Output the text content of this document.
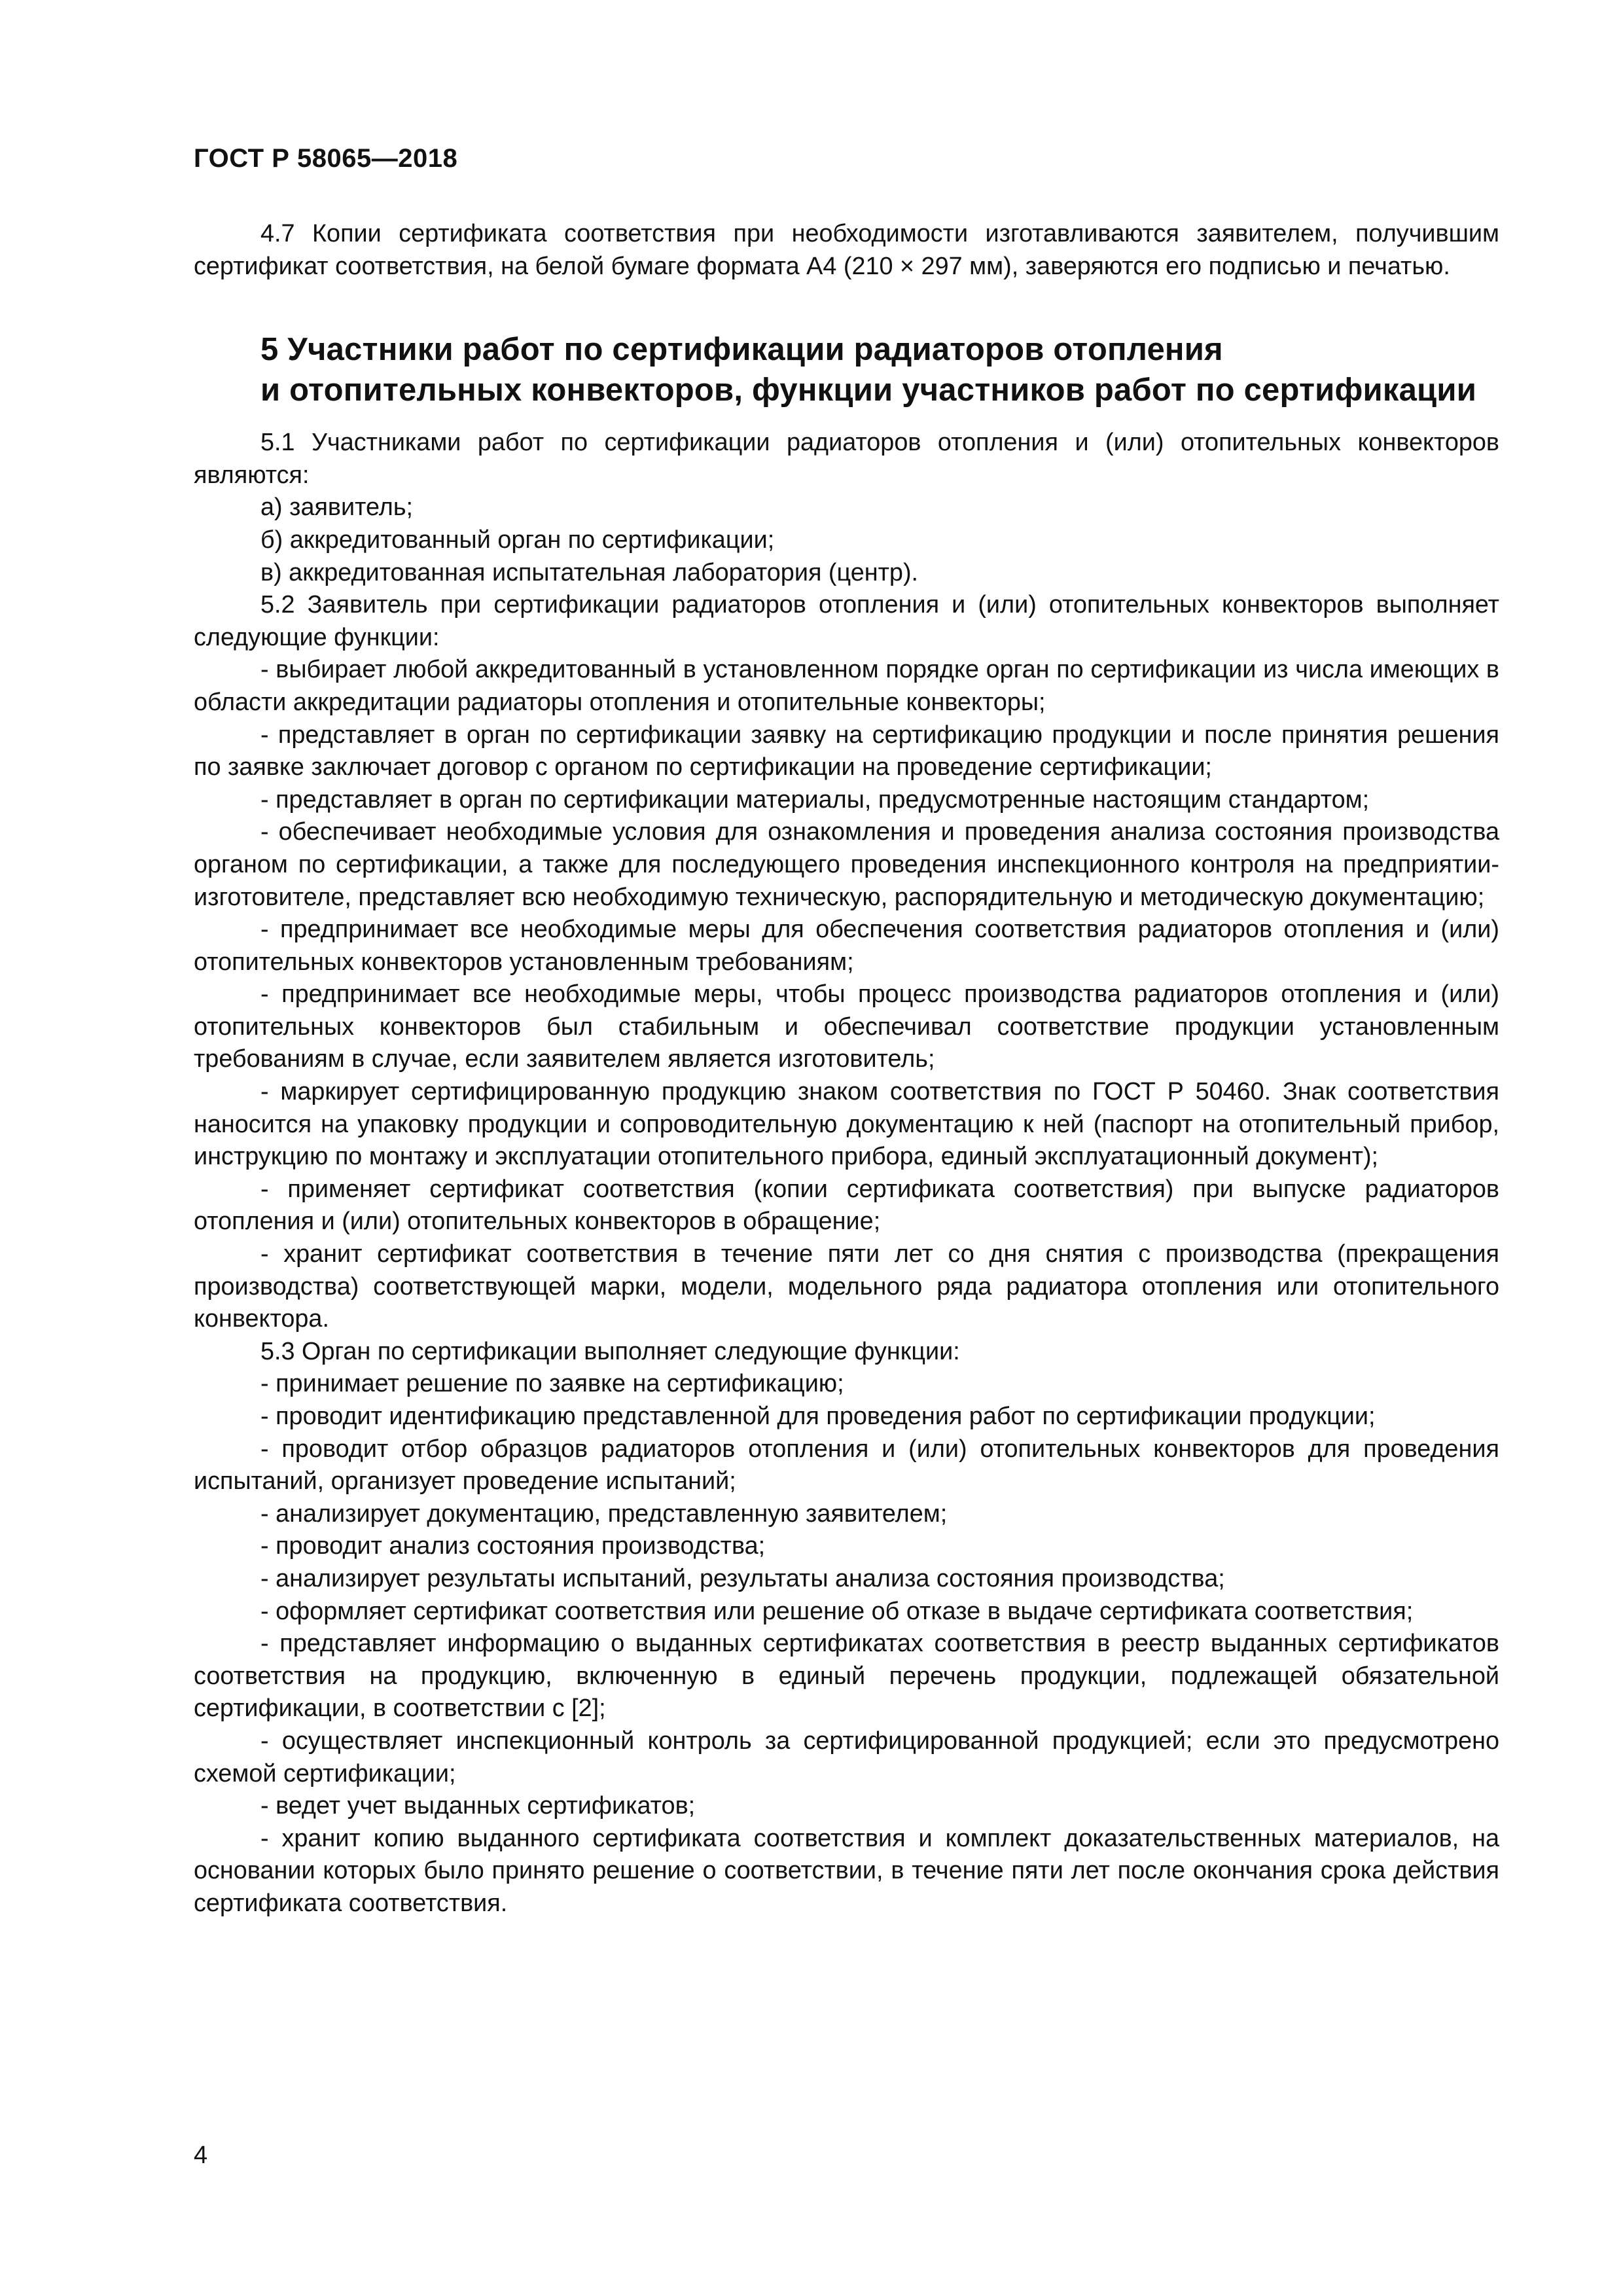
ГОСТ Р 58065—2018

4.7 Копии сертификата соответствия при необходимости изготавливаются заявителем, получившим сертификат соответствия, на белой бумаге формата А4 (210 × 297 мм), заверяются его подписью и печатью.

5 Участники работ по сертификации радиаторов отопления
и отопительных конвекторов, функции участников работ по сертификации

5.1 Участниками работ по сертификации радиаторов отопления и (или) отопительных конвекторов являются:

а) заявитель;

б) аккредитованный орган по сертификации;

в) аккредитованная испытательная лаборатория (центр).

5.2 Заявитель при сертификации радиаторов отопления и (или) отопительных конвекторов выполняет следующие функции:

- выбирает любой аккредитованный в установленном порядке орган по сертификации из числа имеющих в области аккредитации радиаторы отопления и отопительные конвекторы;

- представляет в орган по сертификации заявку на сертификацию продукции и после принятия решения по заявке заключает договор с органом по сертификации на проведение сертификации;

- представляет в орган по сертификации материалы, предусмотренные настоящим стандартом;

- обеспечивает необходимые условия для ознакомления и проведения анализа состояния производства органом по сертификации, а также для последующего проведения инспекционного контроля на предприятии-изготовителе, представляет всю необходимую техническую, распорядительную и методическую документацию;

- предпринимает все необходимые меры для обеспечения соответствия радиаторов отопления и (или) отопительных конвекторов установленным требованиям;

- предпринимает все необходимые меры, чтобы процесс производства радиаторов отопления и (или) отопительных конвекторов был стабильным и обеспечивал соответствие продукции установленным требованиям в случае, если заявителем является изготовитель;

- маркирует сертифицированную продукцию знаком соответствия по ГОСТ Р 50460. Знак соответствия наносится на упаковку продукции и сопроводительную документацию к ней (паспорт на отопительный прибор, инструкцию по монтажу и эксплуатации отопительного прибора, единый эксплуатационный документ);

- применяет сертификат соответствия (копии сертификата соответствия) при выпуске радиаторов отопления и (или) отопительных конвекторов в обращение;

- хранит сертификат соответствия в течение пяти лет со дня снятия с производства (прекращения производства) соответствующей марки, модели, модельного ряда радиатора отопления или отопительного конвектора.

5.3 Орган по сертификации выполняет следующие функции:

- принимает решение по заявке на сертификацию;

- проводит идентификацию представленной для проведения работ по сертификации продукции;

- проводит отбор образцов радиаторов отопления и (или) отопительных конвекторов для проведения испытаний, организует проведение испытаний;

- анализирует документацию, представленную заявителем;

- проводит анализ состояния производства;

- анализирует результаты испытаний, результаты анализа состояния производства;

- оформляет сертификат соответствия или решение об отказе в выдаче сертификата соответствия;

- представляет информацию о выданных сертификатах соответствия в реестр выданных сертификатов соответствия на продукцию, включенную в единый перечень продукции, подлежащей обязательной сертификации, в соответствии с [2];

- осуществляет инспекционный контроль за сертифицированной продукцией; если это предусмотрено схемой сертификации;

- ведет учет выданных сертификатов;

- хранит копию выданного сертификата соответствия и комплект доказательственных материалов, на основании которых было принято решение о соответствии, в течение пяти лет после окончания срока действия сертификата соответствия.

4
